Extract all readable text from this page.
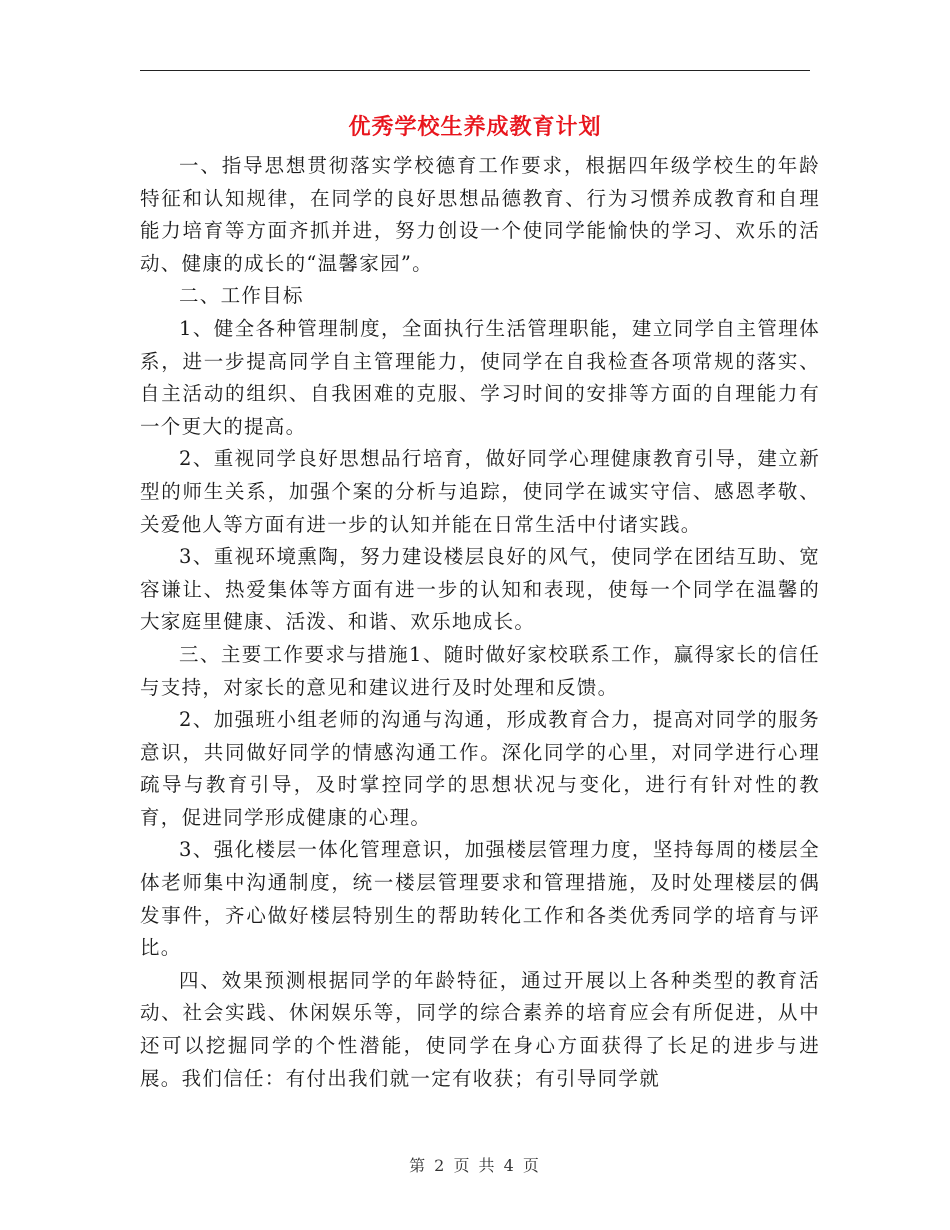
优秀学校生养成教育计划

一、指导思想贯彻落实学校德育工作要求，根据四年级学校生的年龄特征和认知规律，在同学的良好思想品德教育、行为习惯养成教育和自理能力培育等方面齐抓并进，努力创设一个使同学能愉快的学习、欢乐的活动、健康的成长的“温馨家园”。

二、工作目标

1、健全各种管理制度，全面执行生活管理职能，建立同学自主管理体系，进一步提高同学自主管理能力，使同学在自我检查各项常规的落实、自主活动的组织、自我困难的克服、学习时间的安排等方面的自理能力有一个更大的提高。

2、重视同学良好思想品行培育，做好同学心理健康教育引导，建立新型的师生关系，加强个案的分析与追踪，使同学在诚实守信、感恩孝敬、关爱他人等方面有进一步的认知并能在日常生活中付诸实践。

3、重视环境熏陶，努力建设楼层良好的风气，使同学在团结互助、宽容谦让、热爱集体等方面有进一步的认知和表现，使每一个同学在温馨的大家庭里健康、活泼、和谐、欢乐地成长。

三、主要工作要求与措施1、随时做好家校联系工作，赢得家长的信任与支持，对家长的意见和建议进行及时处理和反馈。

2、加强班小组老师的沟通与沟通，形成教育合力，提高对同学的服务意识，共同做好同学的情感沟通工作。深化同学的心里，对同学进行心理疏导与教育引导，及时掌控同学的思想状况与变化，进行有针对性的教育，促进同学形成健康的心理。

3、强化楼层一体化管理意识，加强楼层管理力度，坚持每周的楼层全体老师集中沟通制度，统一楼层管理要求和管理措施，及时处理楼层的偶发事件，齐心做好楼层特别生的帮助转化工作和各类优秀同学的培育与评比。

四、效果预测根据同学的年龄特征，通过开展以上各种类型的教育活动、社会实践、休闲娱乐等，同学的综合素养的培育应会有所促进，从中还可以挖掘同学的个性潜能，使同学在身心方面获得了长足的进步与进展。我们信任：有付出我们就一定有收获；有引导同学就

第 2 页 共 4 页
